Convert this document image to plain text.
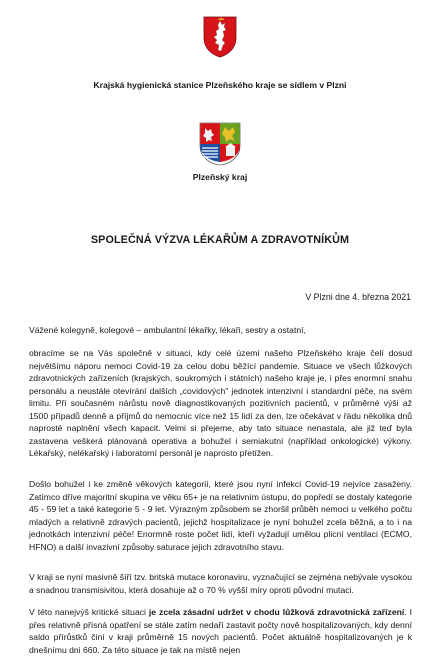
Krajská hygienická stanice Plzeňského kraje se sídlem v Plzni
Plzeňský kraj
SPOLEČNÁ VÝZVA LÉKAŘŮM A ZDRAVOTNÍKŮM
V Plzni dne 4. března 2021

Vážené kolegyně, kolegové – ambulantní lékařky, lékaři, sestry a ostatní,

obracíme se na Vás společně v situaci, kdy celé území našeho Plzeňského kraje čelí dosud největšímu náporu nemoci Covid-19 za celou dobu běžící pandemie. Situace ve všech lůžkových zdravotnických zařízeních (krajských, soukromých i státních) našeho kraje je, i přes enormní snahu personálu a neustále otevírání dalších „covidových" jednotek intenzivní i standardní péče, na svém limitu. Při současném nárůstu nově diagnostikovaných pozitivních pacientů, v průměrné výši až 1500 případů denně a příjmů do nemocnic více než 15 lidí za den, lze očekávat v řádu několika dnů naprosté naplnění všech kapacit. Velmi si přejeme, aby tato situace nenastala, ale již teď byla zastavena veškerá plánovaná operativa a bohužel i semiakutní (například onkologické) výkony. Lékařský, nelékařský i laboratorní personál je naprosto přetížen.

Došlo bohužel i ke změně věkových kategorií, které jsou nyní infekcí Covid-19 nejvíce zasaženy. Zatímco dříve majoritní skupina ve věku 65+ je na relativním ústupu, do popředí se dostaly kategorie 45 - 59 let a také kategorie 5 - 9 let. Výrazným způsobem se zhoršil průběh nemoci u velkého počtu mladých a relativně zdravých pacientů, jejichž hospitalizace je nyní bohužel zcela běžná, a to i na jednotkách intenzivní péče! Enormně roste počet lidí, kteří vyžadují umělou plicní ventilaci (ECMO, HFNO) a další invazivní způsoby saturace jejich zdravotního stavu.

V kraji se nyní masivně šíří tzv. britská mutace koronaviru, vyznačující se zejména nebývale vysokou a snadnou transmisivitou, která dosahuje až o 70 % vyšší míry oproti původní mutaci.

V této nanejvýš kritické situaci je zcela zásadní udržet v chodu lůžková zdravotnická zařízení. I přes relativně přísná opatření se stále zatím nedaří zastavit počty nově hospitalizovaných, kdy denní saldo přírůstků činí v kraji průměrně 15 nových pacientů. Počet aktuálně hospitalizovaných je k dnešnímu dni 660. Za této situace je tak na místě nejen
